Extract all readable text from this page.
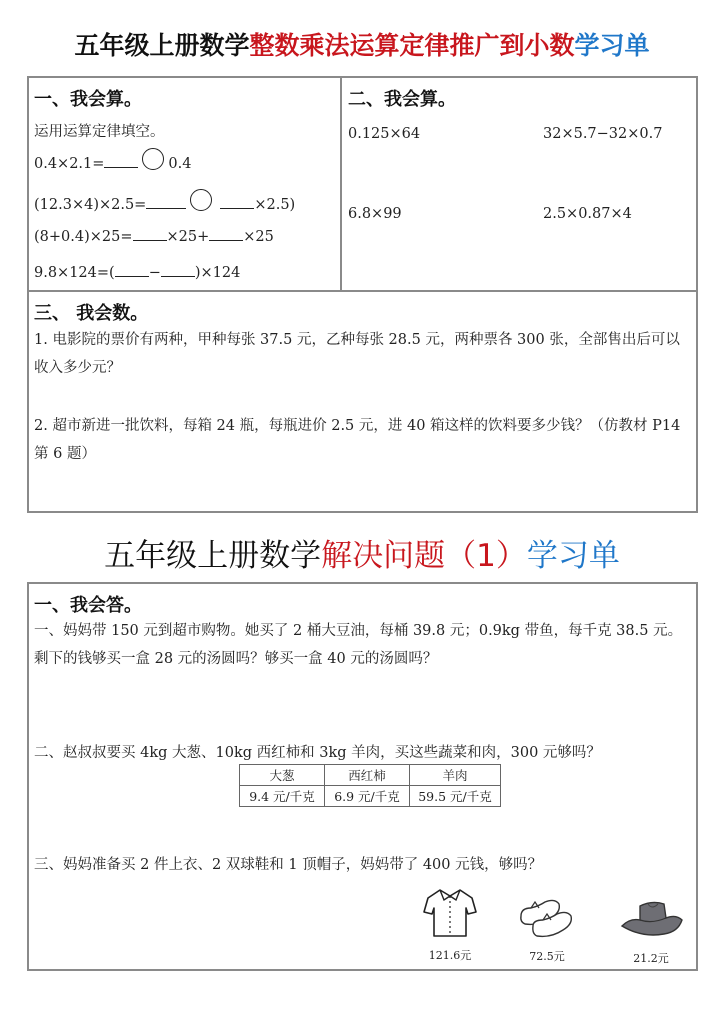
五年级上册数学整数乘法运算定律推广到小数学习单
一、我会算。
运用运算定律填空。
0.4×2.1=	0.4
(12.3×4)×2.5=	×2.5)
(8+0.4)×25= ×25+ ×25
9.8×124=( − )×124
二、我会算。
0.125×64	32×5.7−32×0.7
6.8×99	2.5×0.87×4
三、 我会数。
1. 电影院的票价有两种，甲种每张 37.5 元，乙种每张 28.5 元，两种票各 300 张，全部售出后可以收入多少元？
2. 超市新进一批饮料，每箱 24 瓶，每瓶进价 2.5 元，进 40 箱这样的饮料要多少钱？（仿教材 P14 第 6 题）
五年级上册数学解决问题（1）学习单
一、我会答。
一、妈妈带 150 元到超市购物。她买了 2 桶大豆油，每桶 39.8 元；0.9kg 带鱼，每千克 38.5 元。剩下的钱够买一盒 28 元的汤圆吗？够买一盒 40 元的汤圆吗？
二、赵叔叔要买 4kg 大葱、10kg 西红柿和 3kg 羊肉，买这些蔬菜和肉，300 元够吗？
大葱	西红柿	羊肉
9.4 元/千克	6.9 元/千克	59.5 元/千克
三、妈妈准备买 2 件上衣、2 双球鞋和 1 顶帽子，妈妈带了 400 元钱，够吗？
121.6元	72.5元	21.2元
